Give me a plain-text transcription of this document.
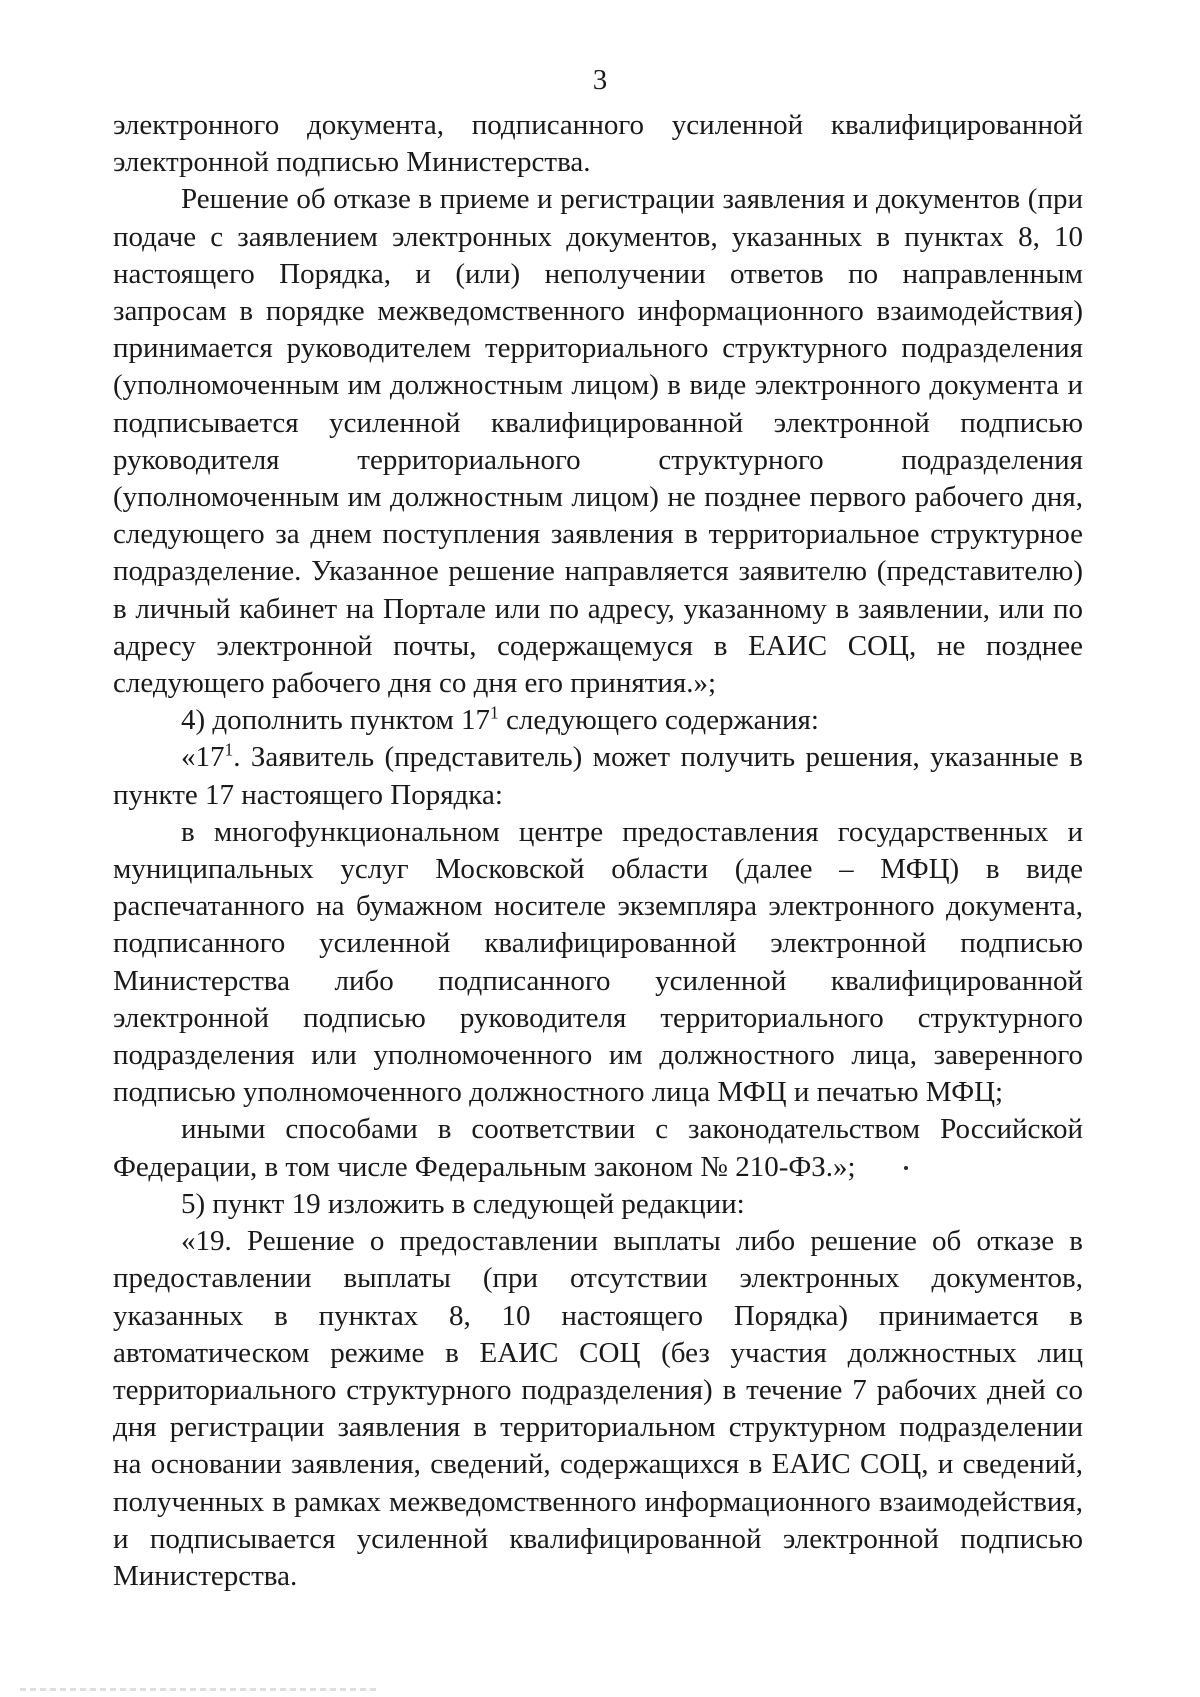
3

электронного документа, подписанного усиленной квалифицированной электронной подписью Министерства.

Решение об отказе в приеме и регистрации заявления и документов (при подаче с заявлением электронных документов, указанных в пунктах 8, 10 настоящего Порядка, и (или) неполучении ответов по направленным запросам в порядке межведомственного информационного взаимодействия) принимается руководителем территориального структурного подразделения (уполномоченным им должностным лицом) в виде электронного документа и подписывается усиленной квалифицированной электронной подписью руководителя территориального структурного подразделения (уполномоченным им должностным лицом) не позднее первого рабочего дня, следующего за днем поступления заявления в территориальное структурное подразделение. Указанное решение направляется заявителю (представителю) в личный кабинет на Портале или по адресу, указанному в заявлении, или по адресу электронной почты, содержащемуся в ЕАИС СОЦ, не позднее следующего рабочего дня со дня его принятия.»;

4) дополнить пунктом $17^1$ следующего содержания:

«$17^1$. Заявитель (представитель) может получить решения, указанные в пункте 17 настоящего Порядка:

в многофункциональном центре предоставления государственных и муниципальных услуг Московской области (далее – МФЦ) в виде распечатанного на бумажном носителе экземпляра электронного документа, подписанного усиленной квалифицированной электронной подписью Министерства либо подписанного усиленной квалифицированной электронной подписью руководителя территориального структурного подразделения или уполномоченного им должностного лица, заверенного подписью уполномоченного должностного лица МФЦ и печатью МФЦ;

иными способами в соответствии с законодательством Российской Федерации, в том числе Федеральным законом № 210-ФЗ.»;

5) пункт 19 изложить в следующей редакции:

«19. Решение о предоставлении выплаты либо решение об отказе в предоставлении выплаты (при отсутствии электронных документов, указанных в пунктах 8, 10 настоящего Порядка) принимается в автоматическом режиме в ЕАИС СОЦ (без участия должностных лиц территориального структурного подразделения) в течение 7 рабочих дней со дня регистрации заявления в территориальном структурном подразделении на основании заявления, сведений, содержащихся в ЕАИС СОЦ, и сведений, полученных в рамках межведомственного информационного взаимодействия, и подписывается усиленной квалифицированной электронной подписью Министерства.
